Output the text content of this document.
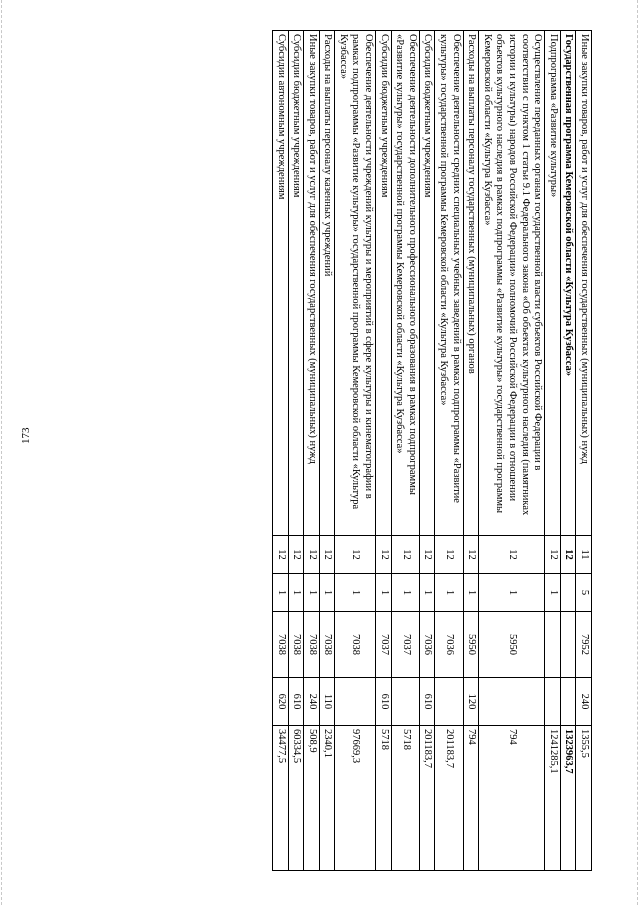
173	Иные закупки товаров, работ и услуг для обеспечения государственных (муниципальных) нужд	11	5	7952	240	1355,5
Государственная программа Кемеровской области «Культура Кузбасса»	12				1323963,7
Подпрограмма «Развитие культуры»	12	1			1241285,1
Осуществление переданных органам государственной власти субъектов Российской Федерации в соответствии с пунктом 1 статьи 9.1 Федерального закона «Об объектах культурного наследия (памятниках истории и культуры) народов Российской Федерации» полномочий Российской Федерации в отношении объектов культурного наследия в рамках подпрограммы «Развитие культуры» государственной программы Кемеровской области «Культура Кузбасса»	12	1	5950		794
Расходы на выплаты персоналу государственных (муниципальных) органов	12	1	5950	120	794
Обеспечение деятельности средних специальных учебных заведений в рамках подпрограммы «Развитие культуры» государственной программы Кемеровской области «Культура Кузбасса»	12	1	7036		201183,7
Субсидии бюджетным учреждениям	12	1	7036	610	201183,7
Обеспечение деятельности дополнительного профессионального образования в рамках подпрограммы «Развитие культуры» государственной программы Кемеровской области «Культура Кузбасса»	12	1	7037		5718
Субсидии бюджетным учреждениям	12	1	7037	610	5718
Обеспечение деятельности учреждений культуры и мероприятий в сфере культуры и кинематографии в рамках подпрограммы «Развитие культуры» государственной программы Кемеровской области «Культура Кузбасса»	12	1	7038		97669,3
Расходы на выплаты персоналу казенных учреждений	12	1	7038	110	2340,1
Иные закупки товаров, работ и услуг для обеспечения государственных (муниципальных) нужд	12	1	7038	240	508,9
Субсидии бюджетным учреждениям	12	1	7038	610	60334,5
Субсидии автономным учреждениям	12	1	7038	620	34477,5
